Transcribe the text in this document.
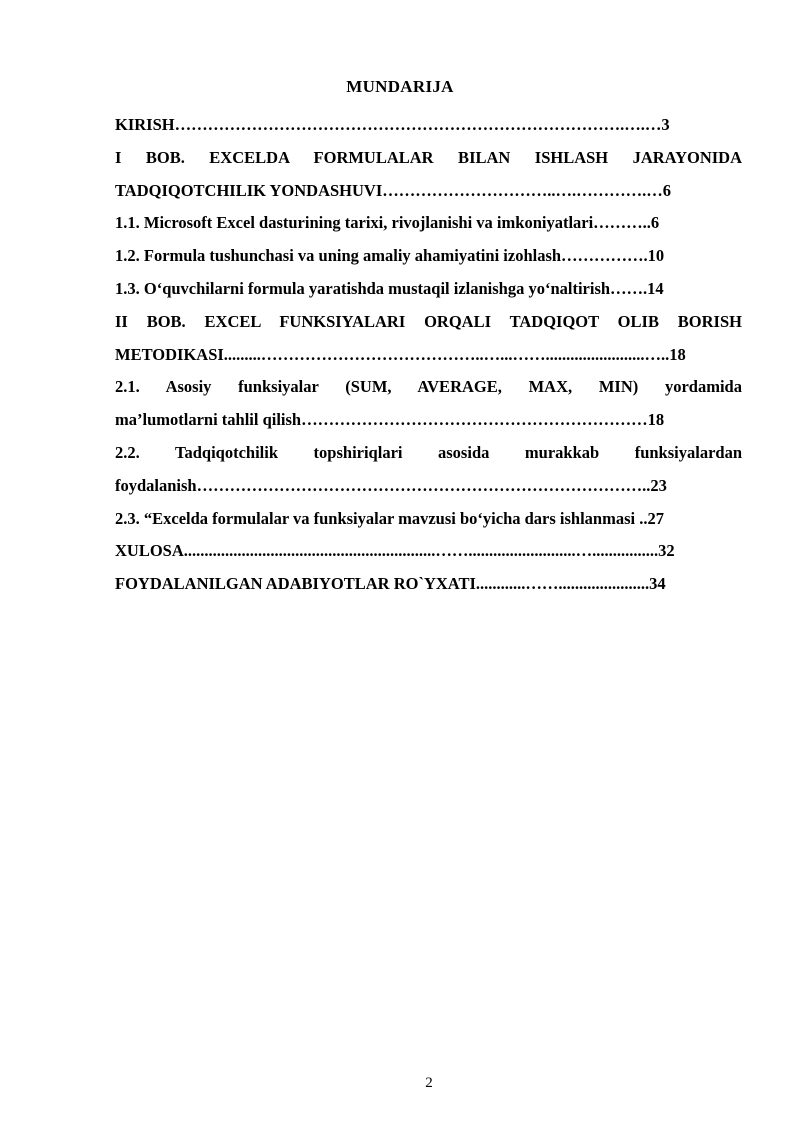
MUNDARIJA
KIRISH……………………………………………………………………….….…3
I BOB. EXCELDA FORMULALAR BILAN ISHLASH JARAYONIDA
TADQIQOTCHILIK YONDASHUVI…………………………..….………….…6
1.1. Microsoft Excel dasturining tarixi, rivojlanishi va imkoniyatlari………..6
1.2. Formula tushunchasi va uning amaliy ahamiyatini izohlash…………….10
1.3. O‘quvchilarni formula yaratishda mustaqil izlanishga yo‘naltirish…….14
II BOB. EXCEL FUNKSIYALARI ORQALI TADQIQOT OLIB BORISH
METODIKASI.........…………………………………..…...……........................…..18
2.1. Asosiy funksiyalar (SUM, AVERAGE, MAX, MIN) yordamida
ma’lumotlarni tahlil qilish………………………………………………………18
2.2. Tadqiqotchilik topshiriqlari asosida murakkab funksiyalardan
foydalanish………………………………………………………………………..23
2.3. “Excelda formulalar va funksiyalar mavzusi bo‘yicha dars ishlanmasi ..27
XULOSA.............................................................……..........................…................32
FOYDALANILGAN ADABIYOTLAR RO`YXATI............……......................34
2
